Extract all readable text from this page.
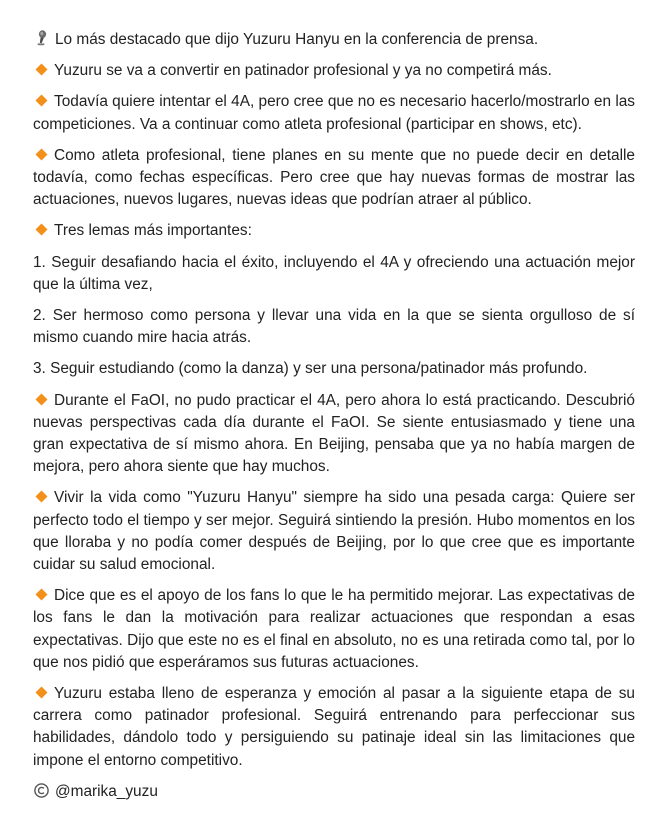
Lo más destacado que dijo Yuzuru Hanyu en la conferencia de prensa.

Yuzuru se va a convertir en patinador profesional y ya no competirá más.

Todavía quiere intentar el 4A, pero cree que no es necesario hacerlo/mostrarlo en las competiciones. Va a continuar como atleta profesional (participar en shows, etc).

Como atleta profesional, tiene planes en su mente que no puede decir en detalle todavía, como fechas específicas. Pero cree que hay nuevas formas de mostrar las actuaciones, nuevos lugares, nuevas ideas que podrían atraer al público.

Tres lemas más importantes:

1. Seguir desafiando hacia el éxito, incluyendo el 4A y ofreciendo una actuación mejor que la última vez,

2. Ser hermoso como persona y llevar una vida en la que se sienta orgulloso de sí mismo cuando mire hacia atrás.

3. Seguir estudiando (como la danza) y ser una persona/patinador más profundo.

Durante el FaOI, no pudo practicar el 4A, pero ahora lo está practicando. Descubrió nuevas perspectivas cada día durante el FaOI. Se siente entusiasmado y tiene una gran expectativa de sí mismo ahora. En Beijing, pensaba que ya no había margen de mejora, pero ahora siente que hay muchos.

Vivir la vida como "Yuzuru Hanyu" siempre ha sido una pesada carga: Quiere ser perfecto todo el tiempo y ser mejor. Seguirá sintiendo la presión. Hubo momentos en los que lloraba y no podía comer después de Beijing, por lo que cree que es importante cuidar su salud emocional.

Dice que es el apoyo de los fans lo que le ha permitido mejorar. Las expectativas de los fans le dan la motivación para realizar actuaciones que respondan a esas expectativas. Dijo que este no es el final en absoluto, no es una retirada como tal, por lo que nos pidió que esperáramos sus futuras actuaciones.

Yuzuru estaba lleno de esperanza y emoción al pasar a la siguiente etapa de su carrera como patinador profesional. Seguirá entrenando para perfeccionar sus habilidades, dándolo todo y persiguiendo su patinaje ideal sin las limitaciones que impone el entorno competitivo.

@marika_yuzu
